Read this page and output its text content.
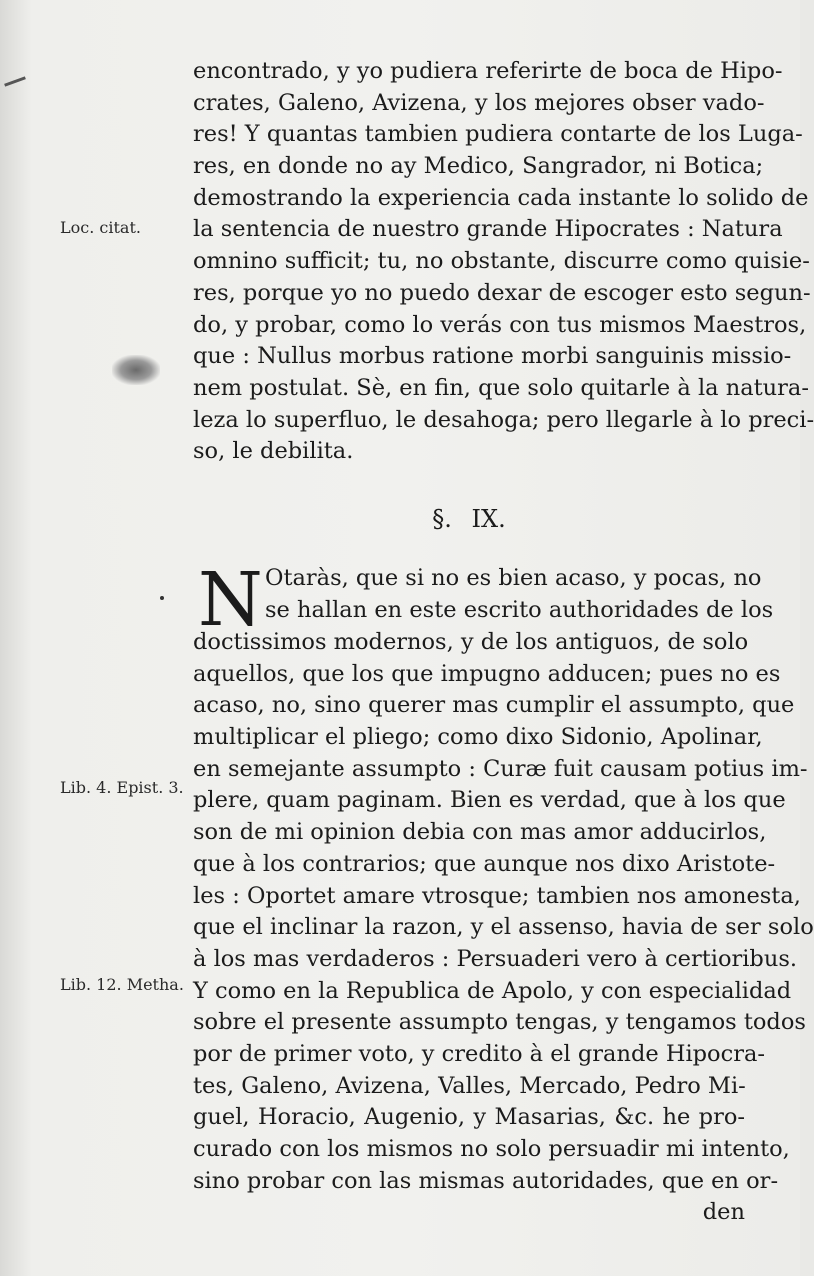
Loc. citat.
Lib. 4. Epist. 3.
Lib. 12. Metha.
encontrado, y yo pudiera referirte de boca de Hipo-
crates, Galeno, Avizena, y los mejores obser vado-
res! Y quantas tambien pudiera contarte de los Luga-
res, en donde no ay Medico, Sangrador, ni Botica;
demostrando la experiencia cada instante lo solido de
la sentencia de nuestro grande Hipocrates : Natura
omnino sufficit; tu, no obstante, discurre como quisie-
res, porque yo no puedo dexar de escoger esto segun-
do, y probar, como lo verás con tus mismos Maestros,
que : Nullus morbus ratione morbi sanguinis missio-
nem postulat. Sè, en fin, que solo quitarle à la natura-
leza lo superfluo, le desahoga; pero llegarle à lo preci-
so, le debilita.
§. IX.
N Otaràs, que si no es bien acaso, y pocas, no
se hallan en este escrito authoridades de los
doctissimos modernos, y de los antiguos, de solo
aquellos, que los que impugno adducen; pues no es
acaso, no, sino querer mas cumplir el assumpto, que
multiplicar el pliego; como dixo Sidonio, Apolinar,
en semejante assumpto : Curæ fuit causam potius im-
plere, quam paginam. Bien es verdad, que à los que
son de mi opinion debia con mas amor adducirlos,
que à los contrarios; que aunque nos dixo Aristote-
les : Oportet amare vtrosque; tambien nos amonesta,
que el inclinar la razon, y el assenso, havia de ser solo
à los mas verdaderos : Persuaderi vero à certioribus.
Y como en la Republica de Apolo, y con especialidad
sobre el presente assumpto tengas, y tengamos todos
por de primer voto, y credito à el grande Hipocra-
tes, Galeno, Avizena, Valles, Mercado, Pedro Mi-
guel, Horacio, Augenio, y Masarias, &c. he pro-
curado con los mismos no solo persuadir mi intento,
sino probar con las mismas autoridades, que en or-
den
